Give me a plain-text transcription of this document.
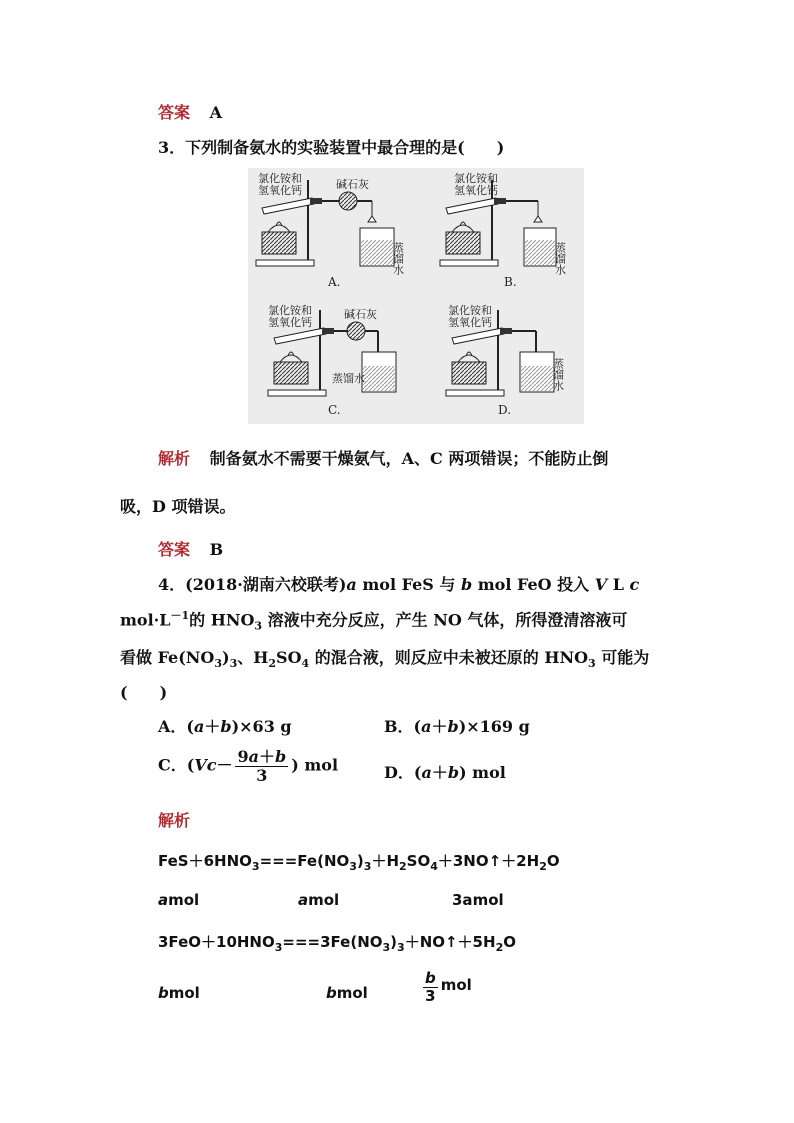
答案 A
3．下列制备氨水的实验装置中最合理的是(　　)
氯化铵和
氢氧化钙	碱石灰
蒸馏水
A.
氯化铵和
氢氧化钙
蒸馏水
B.
氯化铵和
氢氧化钙
碱石灰
蒸馏水
C.
氯化铵和
氢氧化钙
蒸馏水
D.
解析 制备氨水不需要干燥氨气，A、C 两项错误；不能防止倒
吸，D 项错误。
答案 B
4．(2018·湖南六校联考)a mol FeS 与 b mol FeO 投入 V L c
$mol\cdot L^{-1}$的 $HNO_3$ 溶液中充分反应，产生 NO 气体，所得澄清溶液可
看做 $Fe(NO_3)_3$、$H_2SO_4$ 的混合液，则反应中未被还原的 $HNO_3$ 可能为
(　　)
A．(a＋b)×63 g	B．(a＋b)×169 g
C．($Vc- \frac{9a+b}{3}$ ) mol	D．(a＋b) mol
解析
$FeS+6HNO_3===Fe(NO_3)_3+H_2SO_4+3NO↑+2H_2O$
amol	amol	3amol
$3FeO+10HNO_3===3Fe(NO_3)_3+NO↑+5H_2O$
bmol	bmol	$\frac{b}{3}$ mol
